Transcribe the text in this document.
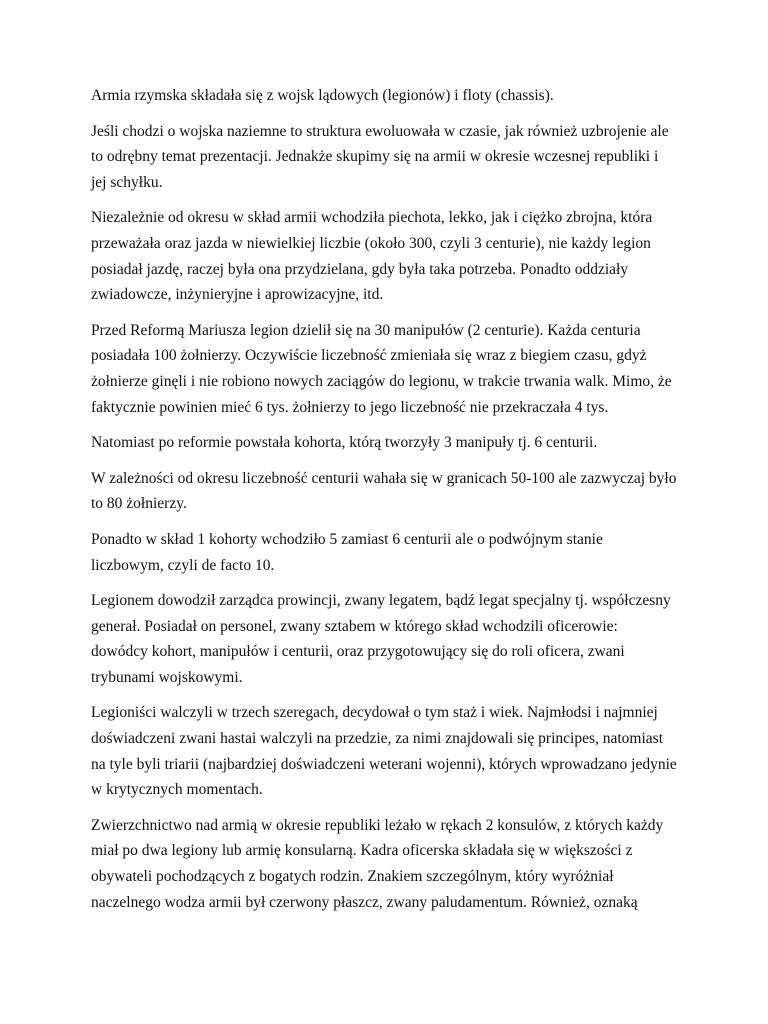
Armia rzymska składała się z wojsk lądowych (legionów) i floty (chassis).

Jeśli chodzi o wojska naziemne to struktura ewoluowała w czasie, jak również uzbrojenie ale
to odrębny temat prezentacji. Jednakże skupimy się na armii w okresie wczesnej republiki i
jej schyłku.

Niezależnie od okresu w skład armii wchodziła piechota, lekko, jak i ciężko zbrojna, która
przeważała oraz jazda w niewielkiej liczbie (około 300, czyli 3 centurie), nie każdy legion
posiadał jazdę, raczej była ona przydzielana, gdy była taka potrzeba. Ponadto oddziały
zwiadowcze, inżynieryjne i aprowizacyjne, itd.

Przed Reformą Mariusza legion dzielił się na 30 manipułów (2 centurie). Każda centuria
posiadała 100 żołnierzy. Oczywiście liczebność zmieniała się wraz z biegiem czasu, gdyż
żołnierze ginęli i nie robiono nowych zaciągów do legionu, w trakcie trwania walk. Mimo, że
faktycznie powinien mieć 6 tys. żołnierzy to jego liczebność nie przekraczała 4 tys.

Natomiast po reformie powstała kohorta, którą tworzyły 3 manipuły tj. 6 centurii.

W zależności od okresu liczebność centurii wahała się w granicach 50-100 ale zazwyczaj było
to 80 żołnierzy.

Ponadto w skład 1 kohorty wchodziło 5 zamiast 6 centurii ale o podwójnym stanie
liczbowym, czyli de facto 10.

Legionem dowodził zarządca prowincji, zwany legatem, bądź legat specjalny tj. współczesny
generał. Posiadał on personel, zwany sztabem w którego skład wchodzili oficerowie:
dowódcy kohort, manipułów i centurii, oraz przygotowujący się do roli oficera, zwani
trybunami wojskowymi.

Legioniści walczyli w trzech szeregach, decydował o tym staż i wiek. Najmłodsi i najmniej
doświadczeni zwani hastai walczyli na przedzie, za nimi znajdowali się principes, natomiast
na tyle byli triarii (najbardziej doświadczeni weterani wojenni), których wprowadzano jedynie
w krytycznych momentach.

Zwierzchnictwo nad armią w okresie republiki leżało w rękach 2 konsulów, z których każdy
miał po dwa legiony lub armię konsularną. Kadra oficerska składała się w większości z
obywateli pochodzących z bogatych rodzin. Znakiem szczególnym, który wyróżniał
naczelnego wodza armii był czerwony płaszcz, zwany paludamentum. Również, oznaką
